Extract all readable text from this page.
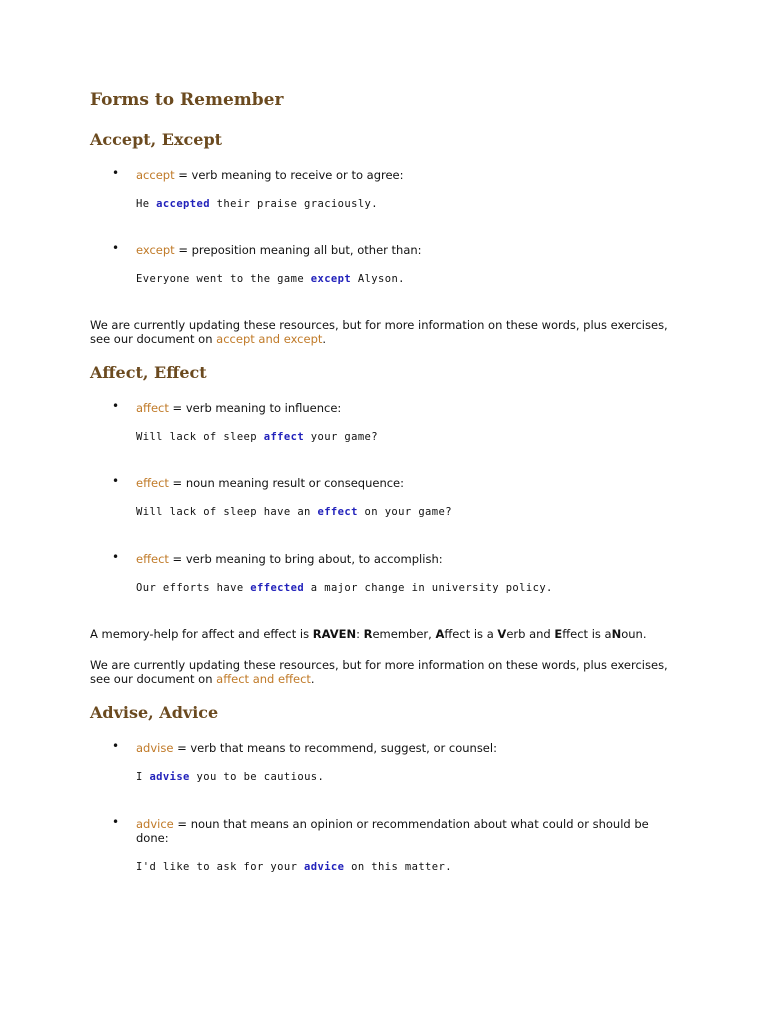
Forms to Remember
Accept, Except
• accept = verb meaning to receive or to agree:
He accepted their praise graciously.
• except = preposition meaning all but, other than:
Everyone went to the game except Alyson.
We are currently updating these resources, but for more information on these words, plus exercises,
see our document on accept and except.
Affect, Effect
• affect = verb meaning to influence:
Will lack of sleep affect your game?
• effect = noun meaning result or consequence:
Will lack of sleep have an effect on your game?
• effect = verb meaning to bring about, to accomplish:
Our efforts have effected a major change in university policy.
A memory-help for affect and effect is RAVEN: Remember, Affect is a Verb and Effect is aNoun.
We are currently updating these resources, but for more information on these words, plus exercises,
see our document on affect and effect.
Advise, Advice
• advise = verb that means to recommend, suggest, or counsel:
I advise you to be cautious.
• advice = noun that means an opinion or recommendation about what could or should be
done:
I'd like to ask for your advice on this matter.
